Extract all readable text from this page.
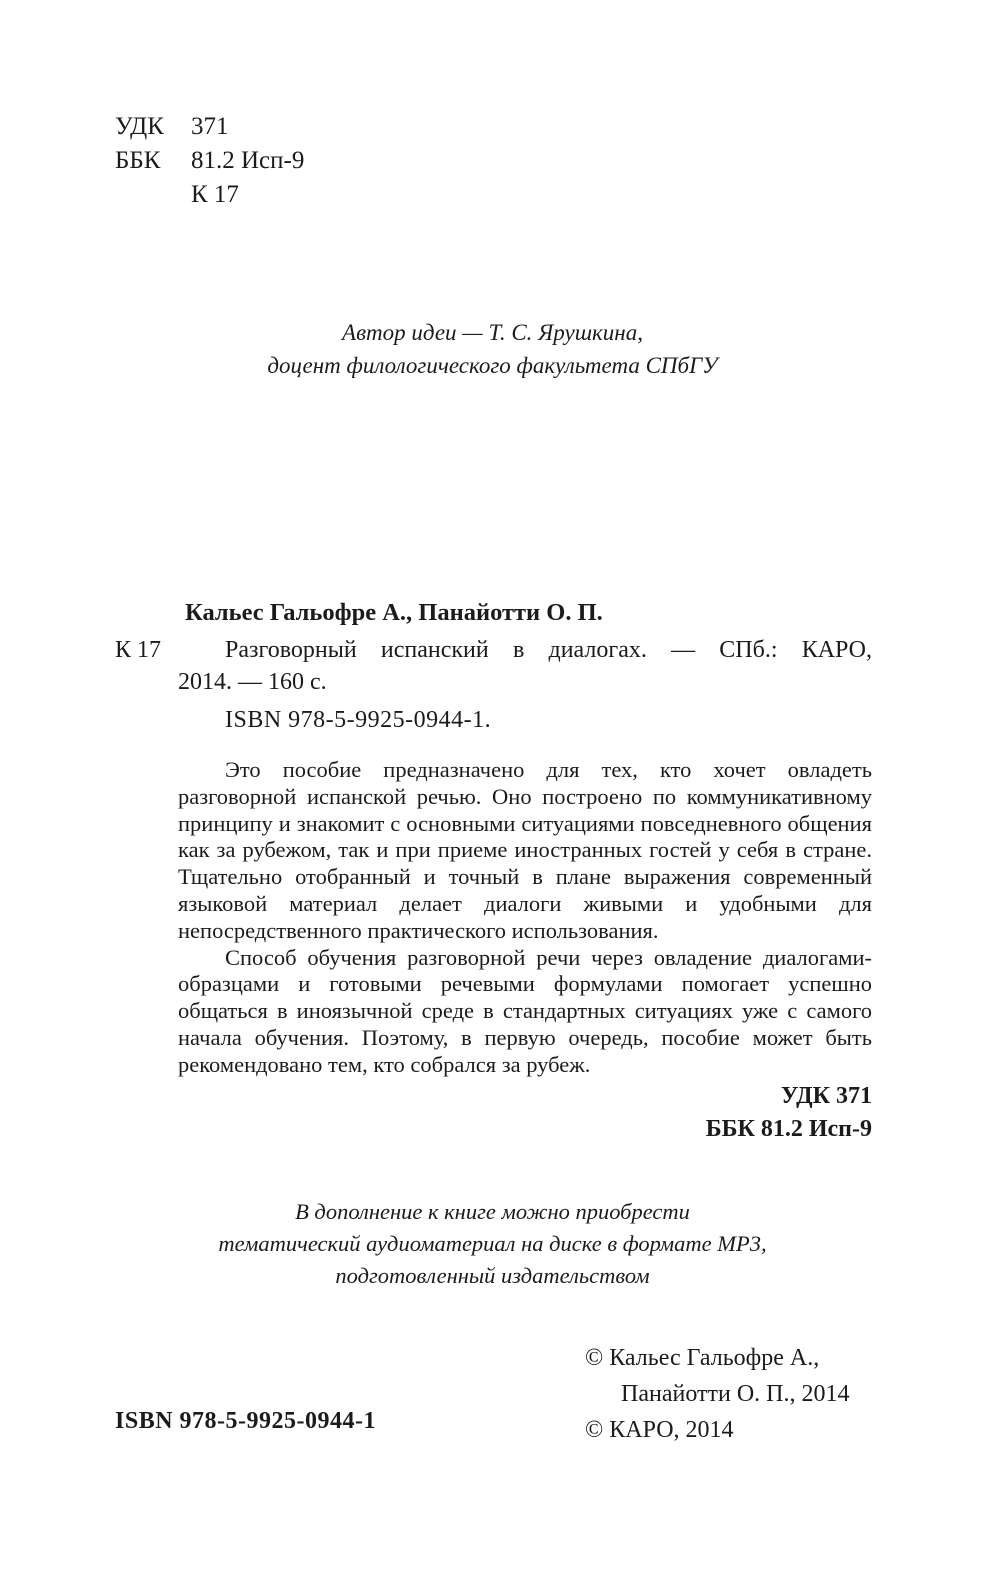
УДК	371
ББК	81.2 Исп-9
К 17
Автор идеи — Т. С. Ярушкина,
доцент филологического факультета СПбГУ
Кальес Гальофре А., Панайотти О. П.
К 17	Разговорный испанский в диалогах. — СПб.: КАРО,
2014. — 160 с.
ISBN 978-5-9925-0944-1.

Это пособие предназначено для тех, кто хочет овладеть разговорной испанской речью. Оно построено по коммуникативному принципу и знакомит с основными ситуациями повседневного общения как за рубежом, так и при приеме иностранных гостей у себя в стране. Тщательно отобранный и точный в плане выражения современный языковой материал делает диалоги живыми и удобными для непосредственного практического использования.

Способ обучения разговорной речи через овладение диалогами-образцами и готовыми речевыми формулами помогает успешно общаться в иноязычной среде в стандартных ситуациях уже с самого начала обучения. Поэтому, в первую очередь, пособие может быть рекомендовано тем, кто собрался за рубеж.

УДК 371
ББК 81.2 Исп-9
В дополнение к книге можно приобрести
тематический аудиоматериал на диске в формате МР3,
подготовленный издательством
© Кальес Гальофре А.,
Панайотти О. П., 2014
© КАРО, 2014
ISBN 978-5-9925-0944-1
